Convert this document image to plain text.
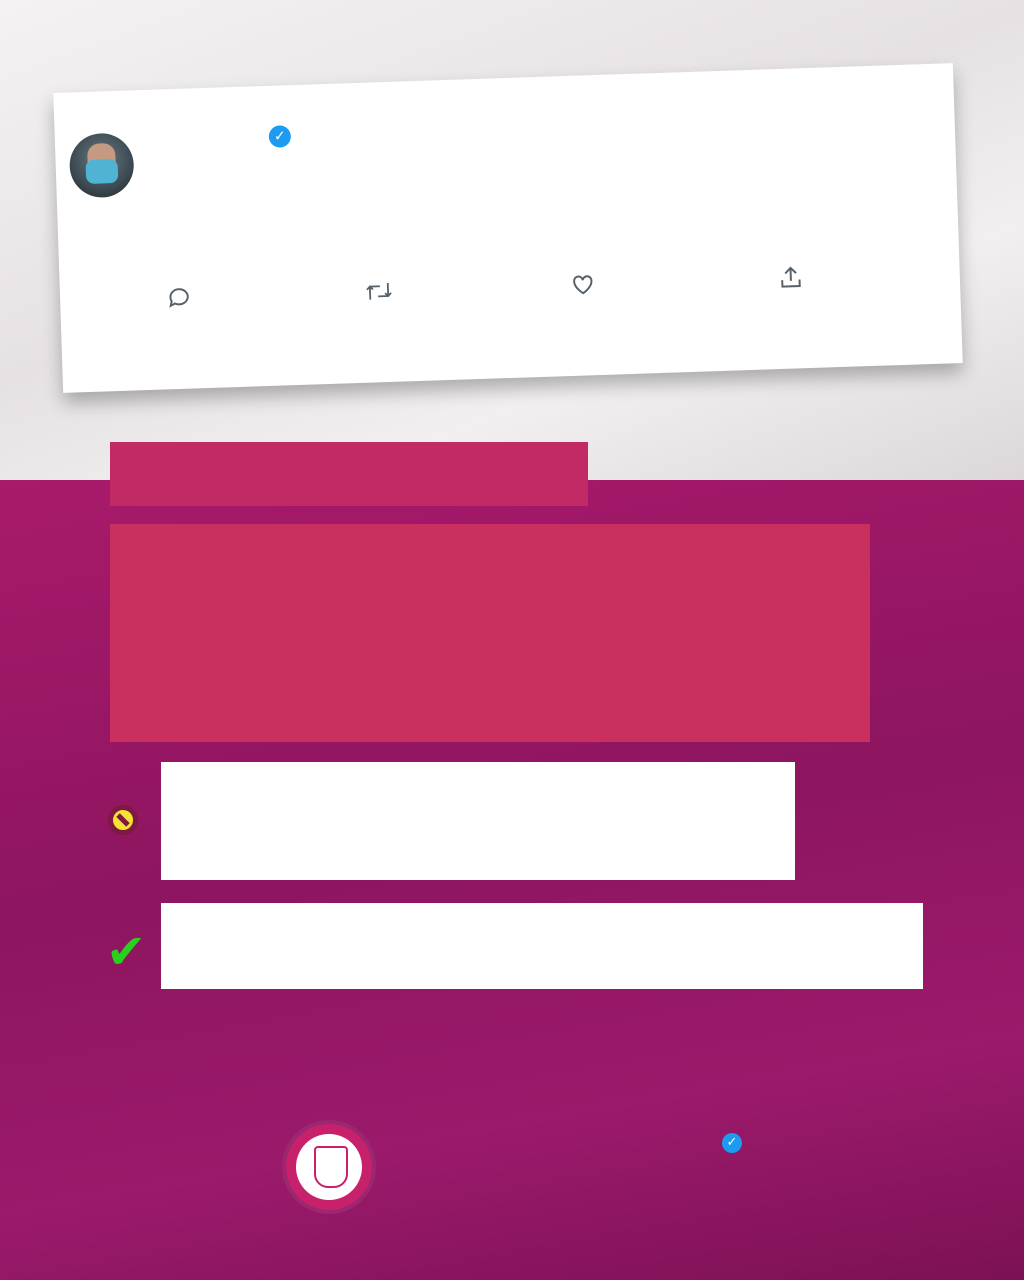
✓
✔
✓
